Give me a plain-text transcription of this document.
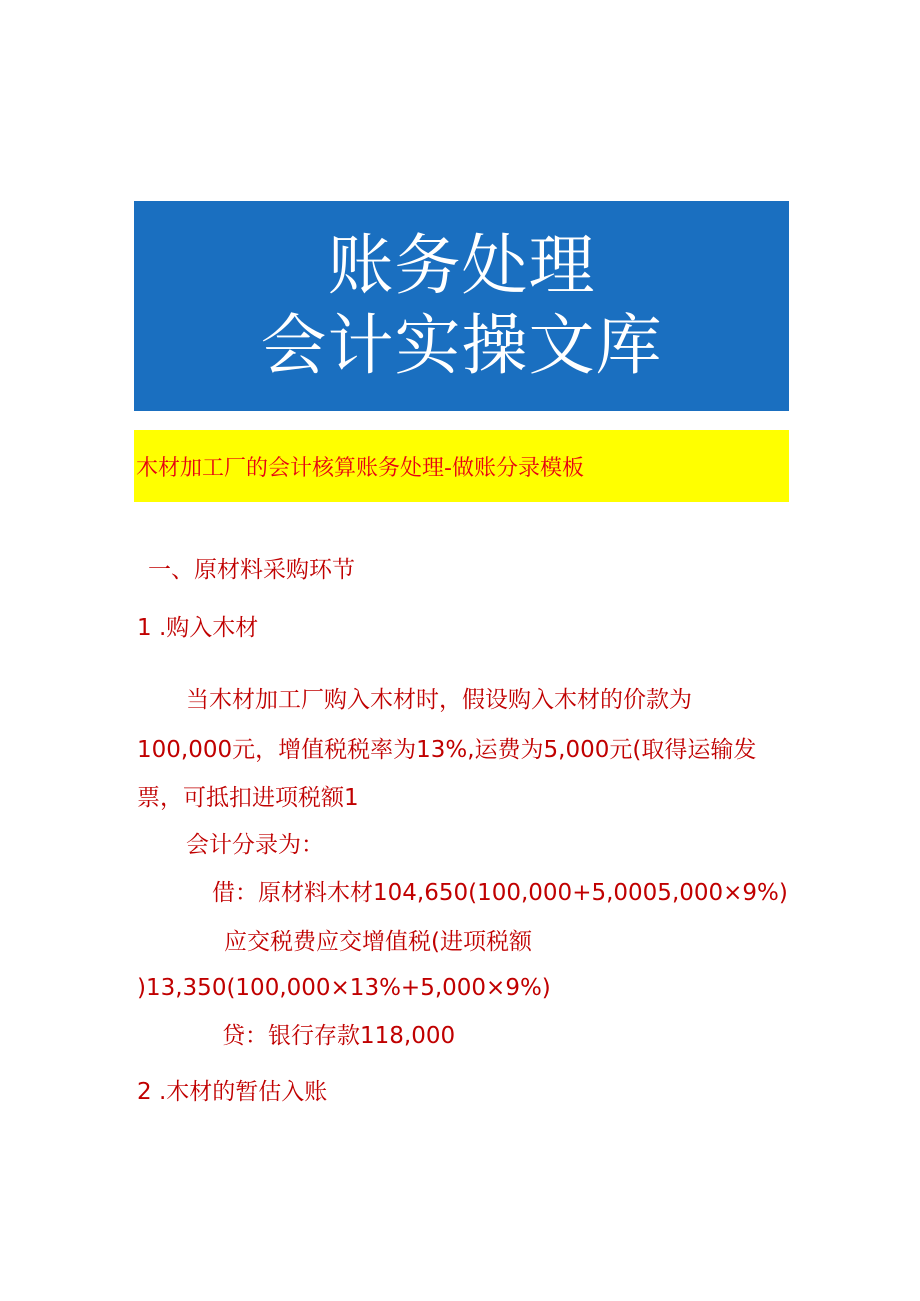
账务处理
会计实操文库
木材加工厂的会计核算账务处理-做账分录模板
一、原材料采购环节
1 .购入木材
当木材加工厂购入木材时，假设购入木材的价款为
100,000元，增值税税率为13%,运费为5,000元(取得运输发
票，可抵扣进项税额1
会计分录为：
借：原材料木材104,650(100,000+5,0005,000×9%)
应交税费应交增值税(进项税额
)13,350(100,000×13%+5,000×9%)
贷：银行存款118,000
2 .木材的暂估入账
